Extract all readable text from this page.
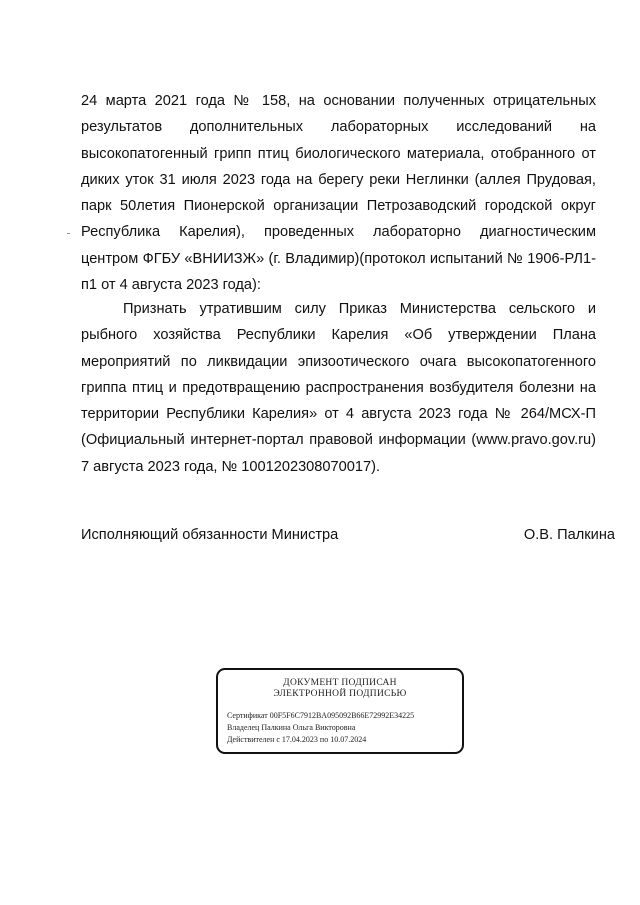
24 марта 2021 года № 158, на основании полученных отрицательных результатов дополнительных лабораторных исследований на высокопатогенный грипп птиц биологического материала, отобранного от диких уток 31 июля 2023 года на берегу реки Неглинки (аллея Прудовая, парк 50летия Пионерской организации Петрозаводский городской округ Республика Карелия), проведенных лабораторно диагностическим центром ФГБУ «ВНИИЗЖ» (г. Владимир)(протокол испытаний № 1906-РЛ1-п1 от 4 августа 2023 года):

Признать утратившим силу Приказ Министерства сельского и рыбного хозяйства Республики Карелия «Об утверждении Плана мероприятий по ликвидации эпизоотического очага высокопатогенного гриппа птиц и предотвращению распространения возбудителя болезни на территории Республики Карелия» от 4 августа 2023 года № 264/МСХ-П (Официальный интернет-портал правовой информации (www.pravo.gov.ru) 7 августа 2023 года, № 1001202308070017).

Исполняющий обязанности Министра	О.В. Палкина
ДОКУМЕНТ ПОДПИСАН
ЭЛЕКТРОННОЙ ПОДПИСЬЮ
Сертификат 00F5F6C7912BA095092B66E72992E34225
Владелец Палкина Ольга Викторовна
Действителен с 17.04.2023 по 10.07.2024
